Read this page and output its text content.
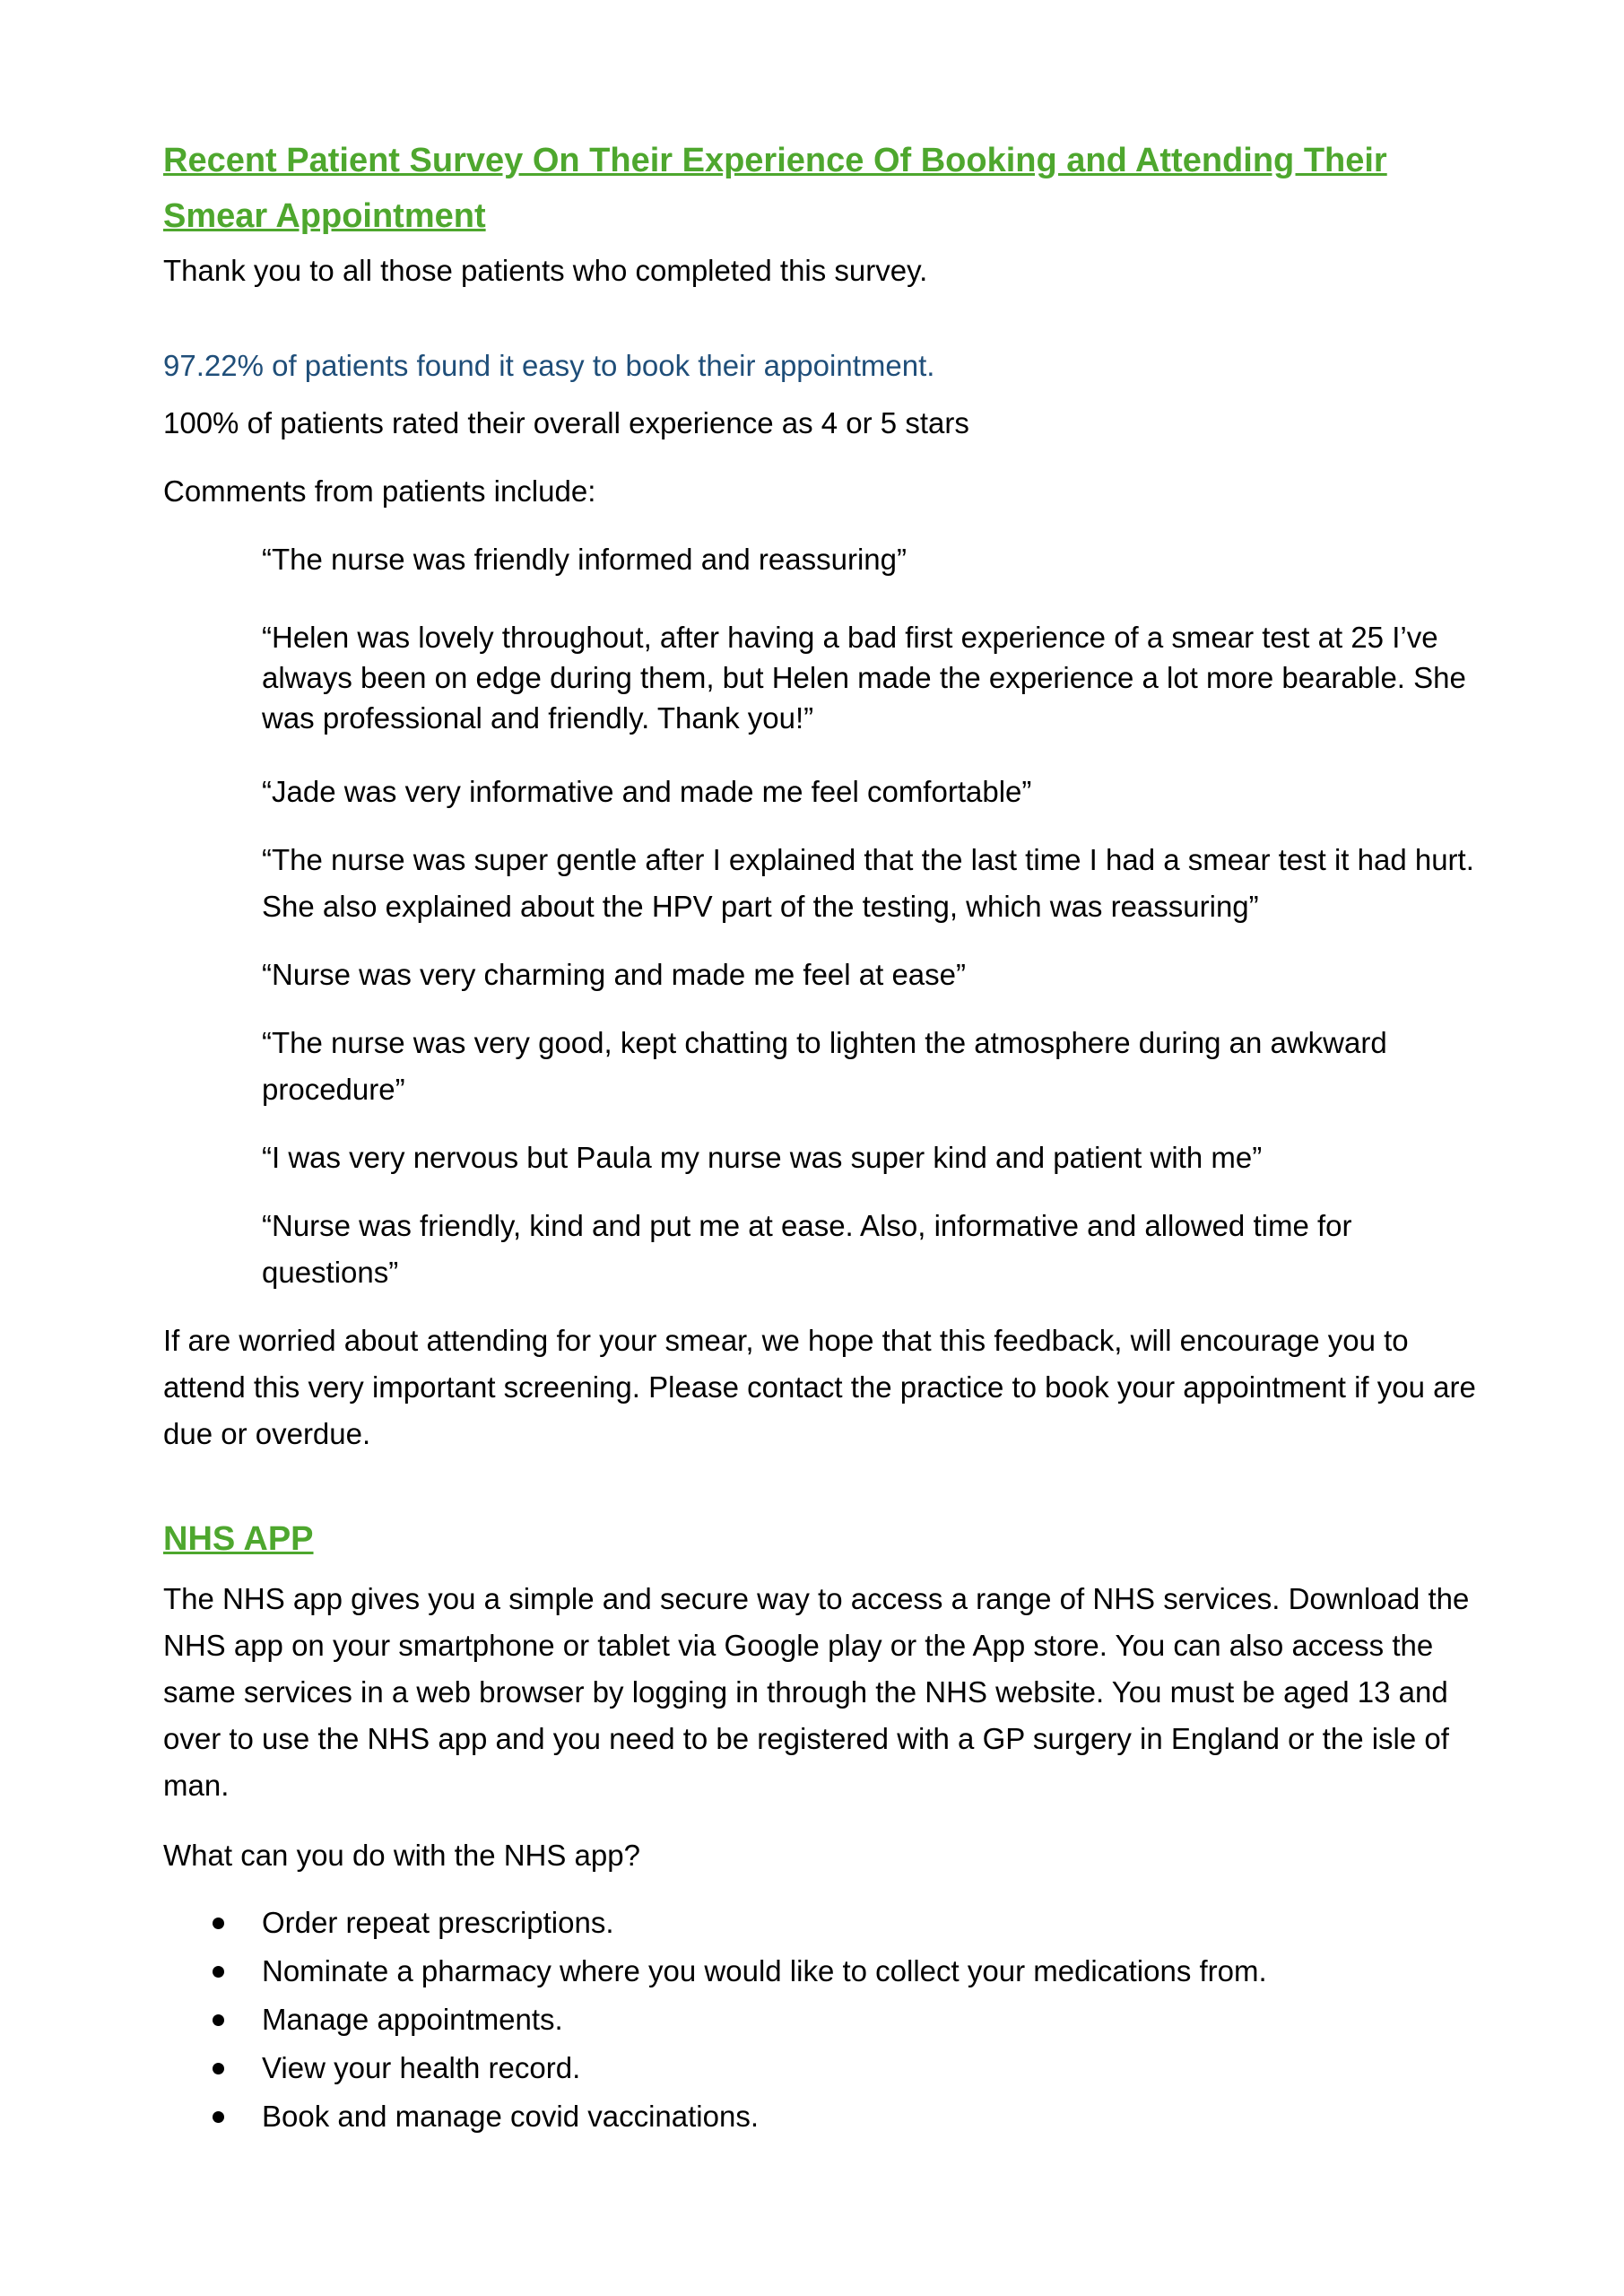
Recent Patient Survey On Their Experience Of Booking and Attending Their Smear Appointment

Thank you to all those patients who completed this survey.

97.22% of patients found it easy to book their appointment.

100% of patients rated their overall experience as 4 or 5 stars

Comments from patients include:

“The nurse was friendly informed and reassuring”

“Helen was lovely throughout, after having a bad first experience of a smear test at 25 I’ve always been on edge during them, but Helen made the experience a lot more bearable. She was professional and friendly. Thank you!”

“Jade was very informative and made me feel comfortable”

“The nurse was super gentle after I explained that the last time I had a smear test it had hurt. She also explained about the HPV part of the testing, which was reassuring”

“Nurse was very charming and made me feel at ease”

“The nurse was very good, kept chatting to lighten the atmosphere during an awkward procedure”

“I was very nervous but Paula my nurse was super kind and patient with me”

“Nurse was friendly, kind and put me at ease. Also, informative and allowed time for questions”

If are worried about attending for your smear, we hope that this feedback, will encourage you to attend this very important screening. Please contact the practice to book your appointment if you are due or overdue.

NHS APP

The NHS app gives you a simple and secure way to access a range of NHS services. Download the NHS app on your smartphone or tablet via Google play or the App store. You can also access the same services in a web browser by logging in through the NHS website. You must be aged 13 and over to use the NHS app and you need to be registered with a GP surgery in England or the isle of man.

What can you do with the NHS app?

Order repeat prescriptions.
Nominate a pharmacy where you would like to collect your medications from.
Manage appointments.
View your health record.
Book and manage covid vaccinations.
